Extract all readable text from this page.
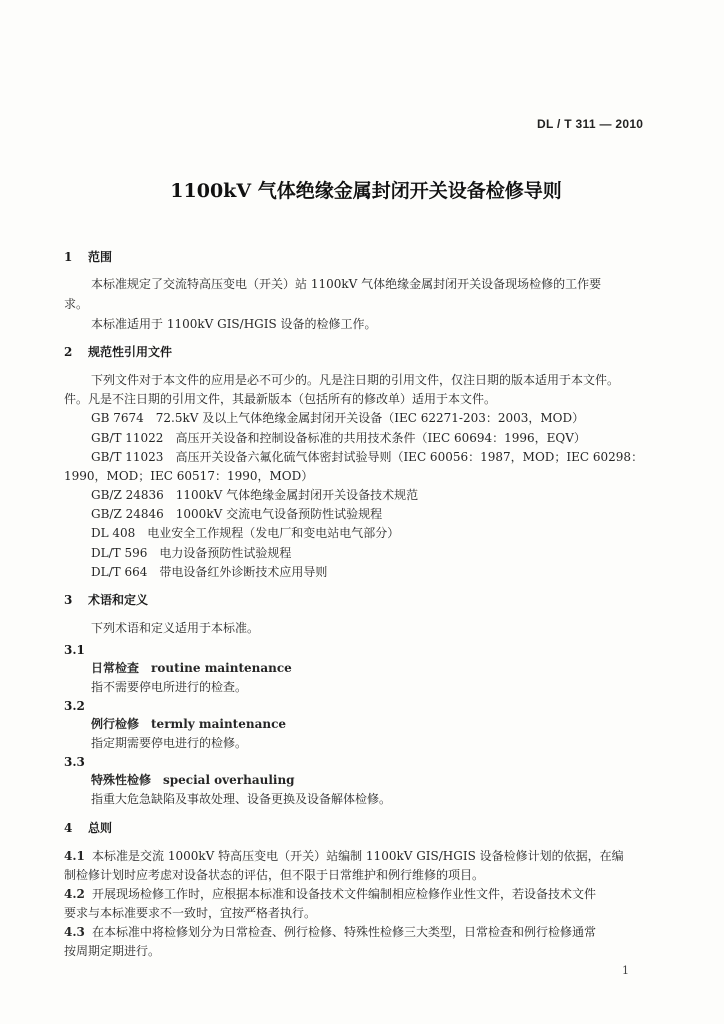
DL / T 311 — 2010
1100kV 气体绝缘金属封闭开关设备检修导则
1 范围
本标准规定了交流特高压变电（开关）站 1100kV 气体绝缘金属封闭开关设备现场检修的工作要
求。
本标准适用于 1100kV GIS/HGIS 设备的检修工作。
2 规范性引用文件
下列文件对于本文件的应用是必不可少的。凡是注日期的引用文件，仅注日期的版本适用于本文件。
件。凡是不注日期的引用文件，其最新版本（包括所有的修改单）适用于本文件。
GB 7674　72.5kV 及以上气体绝缘金属封闭开关设备（IEC 62271-203：2003，MOD）
GB/T 11022　高压开关设备和控制设备标准的共用技术条件（IEC 60694：1996，EQV）
GB/T 11023　高压开关设备六氟化硫气体密封试验导则（IEC 60056：1987，MOD；IEC 60298：
1990，MOD；IEC 60517：1990，MOD）
GB/Z 24836　1100kV 气体绝缘金属封闭开关设备技术规范
GB/Z 24846　1000kV 交流电气设备预防性试验规程
DL 408　电业安全工作规程（发电厂和变电站电气部分）
DL/T 596　电力设备预防性试验规程
DL/T 664　带电设备红外诊断技术应用导则
3 术语和定义
下列术语和定义适用于本标准。
3.1
日常检查 routine maintenance
指不需要停电所进行的检查。
3.2
例行检修 termly maintenance
指定期需要停电进行的检修。
3.3
特殊性检修 special overhauling
指重大危急缺陷及事故处理、设备更换及设备解体检修。
4 总则
4.1 本标准是交流 1000kV 特高压变电（开关）站编制 1100kV GIS/HGIS 设备检修计划的依据，在编
制检修计划时应考虑对设备状态的评估，但不限于日常维护和例行维修的项目。
4.2 开展现场检修工作时，应根据本标准和设备技术文件编制相应检修作业性文件，若设备技术文件
要求与本标准要求不一致时，宜按严格者执行。
4.3 在本标准中将检修划分为日常检查、例行检修、特殊性检修三大类型，日常检查和例行检修通常
按周期定期进行。
1
